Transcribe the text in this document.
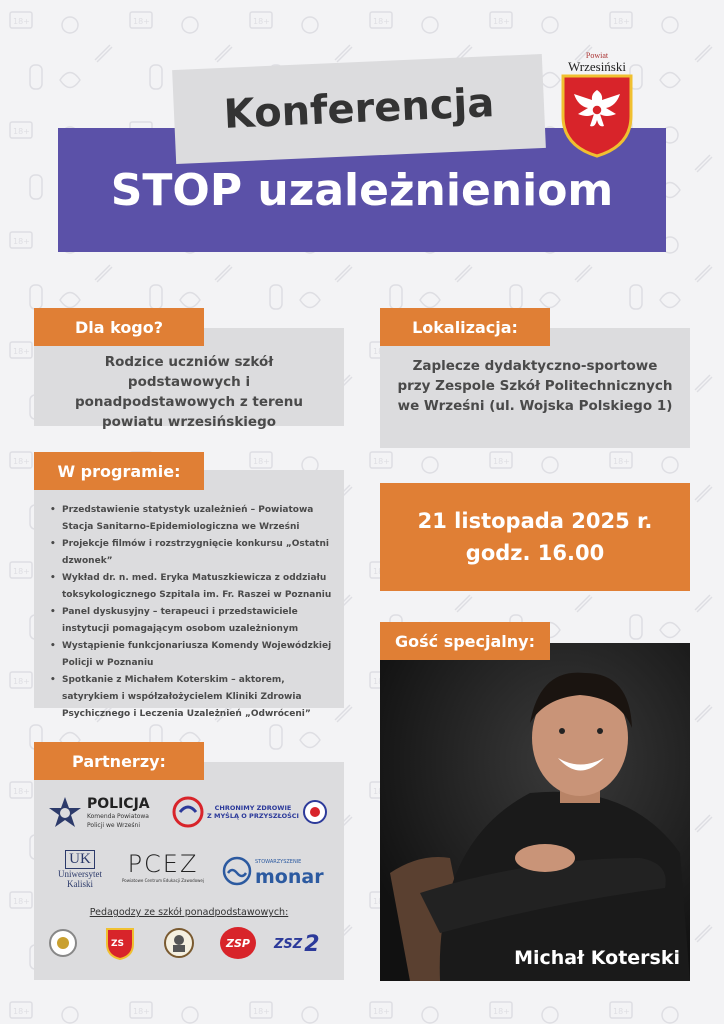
Konferencja
STOP uzależnieniom
Powiat
Wrzesiński
Rodzice uczniów szkół podstawowych i ponadpodstawowych z terenu powiatu wrzesińskiego
Dla kogo?
Zaplecze dydaktyczno-sportowe przy Zespole Szkół Politechnicznych we Wrześni (ul. Wojska Polskiego 1)
Lokalizacja:
• Przedstawienie statystyk uzależnień – Powiatowa Stacja Sanitarno-Epidemiologiczna we Wrześni
• Projekcje filmów i rozstrzygnięcie konkursu „Ostatni dzwonek”
• Wykład dr. n. med. Eryka Matuszkiewicza z oddziału toksykologicznego Szpitala im. Fr. Raszei w Poznaniu
• Panel dyskusyjny – terapeuci i przedstawiciele instytucji pomagającym osobom uzależnionym
• Wystąpienie funkcjonariusza Komendy Wojewódzkiej Policji w Poznaniu
• Spotkanie z Michałem Koterskim – aktorem, satyrykiem i współzałożycielem Kliniki Zdrowia Psychicznego i Leczenia Uzależnień „Odwróceni”
W programie:
21 listopada 2025 r.
godz. 16.00
Michał Koterski
Gość specjalny:
POLICJA
Komenda Powiatowa
Policji we Wrześni
CHRONIMY ZDROWIE
Z MYŚLĄ O PRZYSZŁOŚCI
UK
Uniwersytet
Kaliski
PCEZ
Powiatowe Centrum Edukacji Zawodowej
STOWARZYSZENIE
monar
Pedagodzy ze szkół ponadpodstawowych:
ZS	ZSP ZSZ 2
Partnerzy:
